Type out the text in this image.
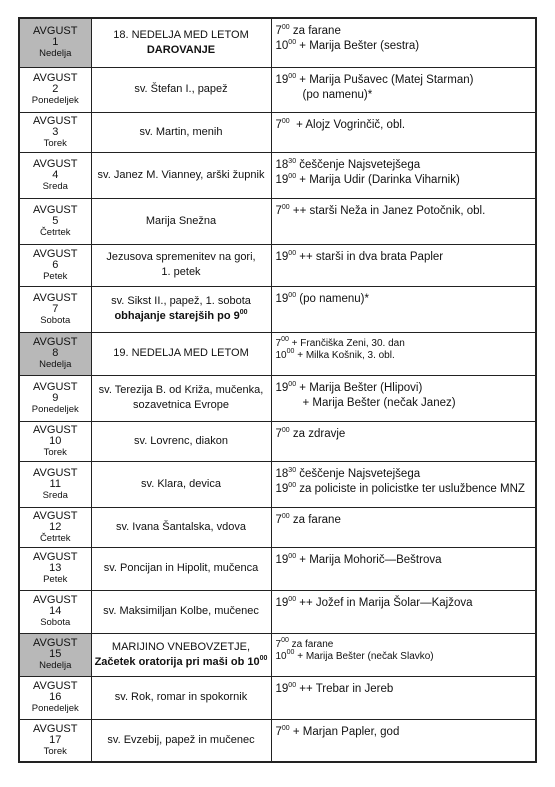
AVGUST
1
Nedelja	18. NEDELJA MED LETOM
DAROVANJE	$7^{00}$ za farane
$10^{00}$ + Marija Bešter (sestra)

AVGUST
2
Ponedeljek	sv. Štefan I., papež	$19^{00}$ + Marija Pušavec (Matej Starman)
(po namenu)*

AVGUST
3
Torek	sv. Martin, menih	$7^{00}$  + Alojz Vogrinčič, obl.

AVGUST
4
Sreda	sv. Janez M. Vianney, arški župnik	$18^{30}$ češčenje Najsvetejšega
$19^{00}$ + Marija Udir (Darinka Viharnik)

AVGUST
5
Četrtek	Marija Snežna	$7^{00}$ ++ starši Neža in Janez Potočnik, obl.

AVGUST
6
Petek	Jezusova spremenitev na gori,
1. petek	$19^{00}$ ++ starši in dva brata Papler

AVGUST
7
Sobota	sv. Sikst II., papež, 1. sobota
obhajanje starejših po $9^{00}$	$19^{00}$ (po namenu)*

AVGUST
8
Nedelja	19. NEDELJA MED LETOM	$7^{00}$ + Frančiška Zeni, 30. dan
$10^{00}$ + Milka Košnik, 3. obl.

AVGUST
9
Ponedeljek	sv. Terezija B. od Križa, mučenka,
sozavetnica Evrope	$19^{00}$ + Marija Bešter (Hlipovi)
+ Marija Bešter (nečak Janez)

AVGUST
10
Torek	sv. Lovrenc, diakon	$7^{00}$ za zdravje

AVGUST
11
Sreda	sv. Klara, devica	$18^{30}$ češčenje Najsvetejšega
$19^{00}$ za policiste in policistke ter uslužbence MNZ

AVGUST
12
Četrtek	sv. Ivana Šantalska, vdova	$7^{00}$ za farane

AVGUST
13
Petek	sv. Poncijan in Hipolit, mučenca	$19^{00}$ + Marija Mohorič—Beštrova

AVGUST
14
Sobota	sv. Maksimiljan Kolbe, mučenec	$19^{00}$ ++ Jožef in Marija Šolar—Kajžova

AVGUST
15
Nedelja	MARIJINO VNEBOVZETJE,
Začetek oratorija pri maši ob $10^{00}$	$7^{00}$ za farane
$10^{00}$ + Marija Bešter (nečak Slavko)

AVGUST
16
Ponedeljek	sv. Rok, romar in spokornik	$19^{00}$ ++ Trebar in Jereb

AVGUST
17
Torek	sv. Evzebij, papež in mučenec	$7^{00}$ + Marjan Papler, god
